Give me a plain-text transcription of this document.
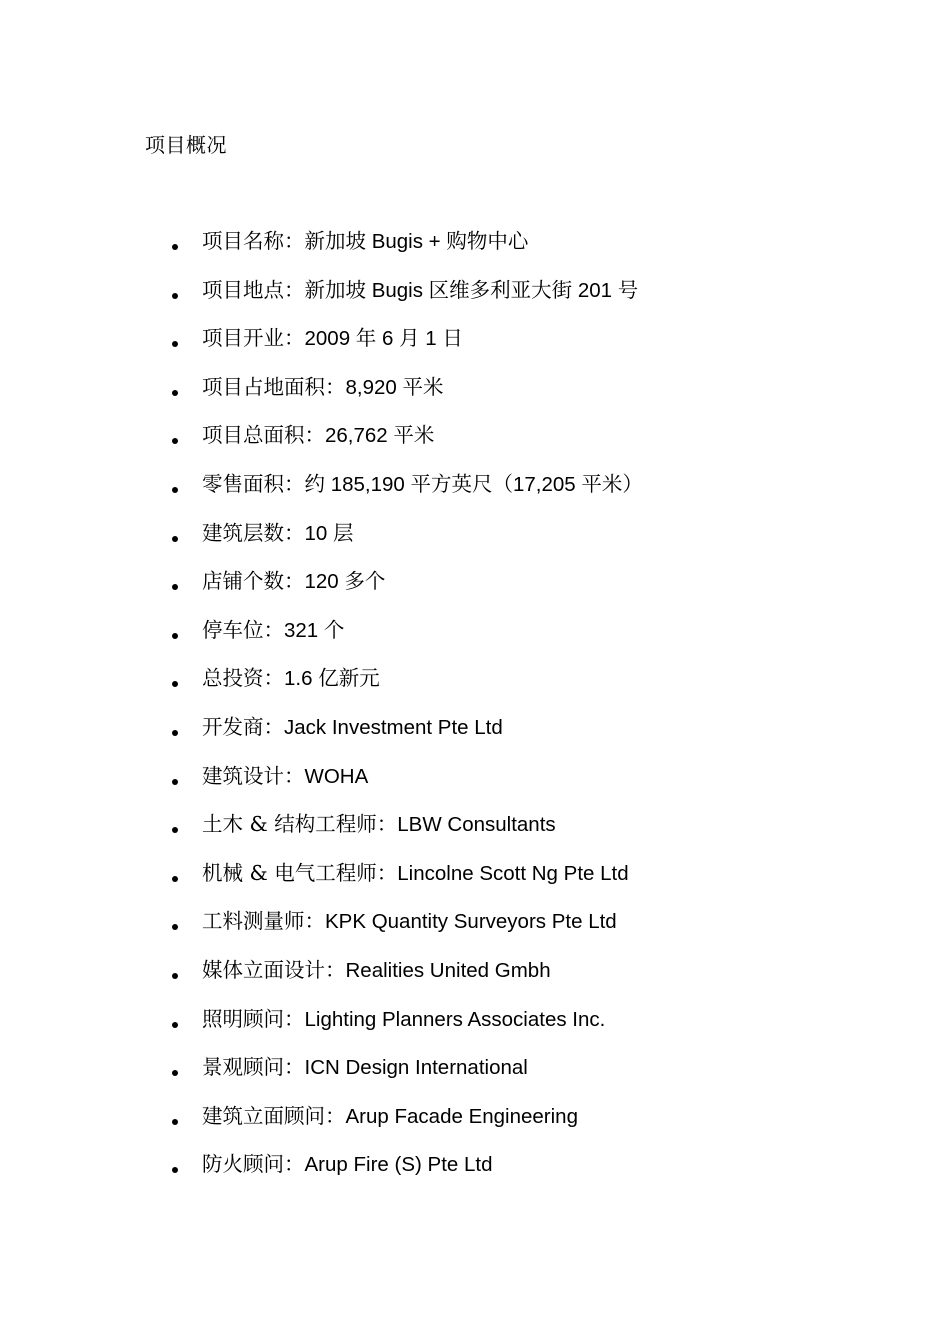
项目概况
项目名称：新加坡 Bugis + 购物中心
项目地点：新加坡 Bugis 区维多利亚大街 201 号
项目开业：2009 年 6 月 1 日
项目占地面积：8,920 平米
项目总面积：26,762 平米
零售面积：约 185,190 平方英尺（17,205 平米）
建筑层数：10 层
店铺个数：120 多个
停车位：321 个
总投资：1.6 亿新元
开发商：Jack Investment Pte Ltd
建筑设计：WOHA
土木 & 结构工程师：LBW Consultants
机械 & 电气工程师：Lincolne Scott Ng Pte Ltd
工料测量师：KPK Quantity Surveyors Pte Ltd
媒体立面设计：Realities United Gmbh
照明顾问：Lighting Planners Associates Inc.
景观顾问：ICN Design International
建筑立面顾问：Arup Facade Engineering
防火顾问：Arup Fire (S) Pte Ltd
